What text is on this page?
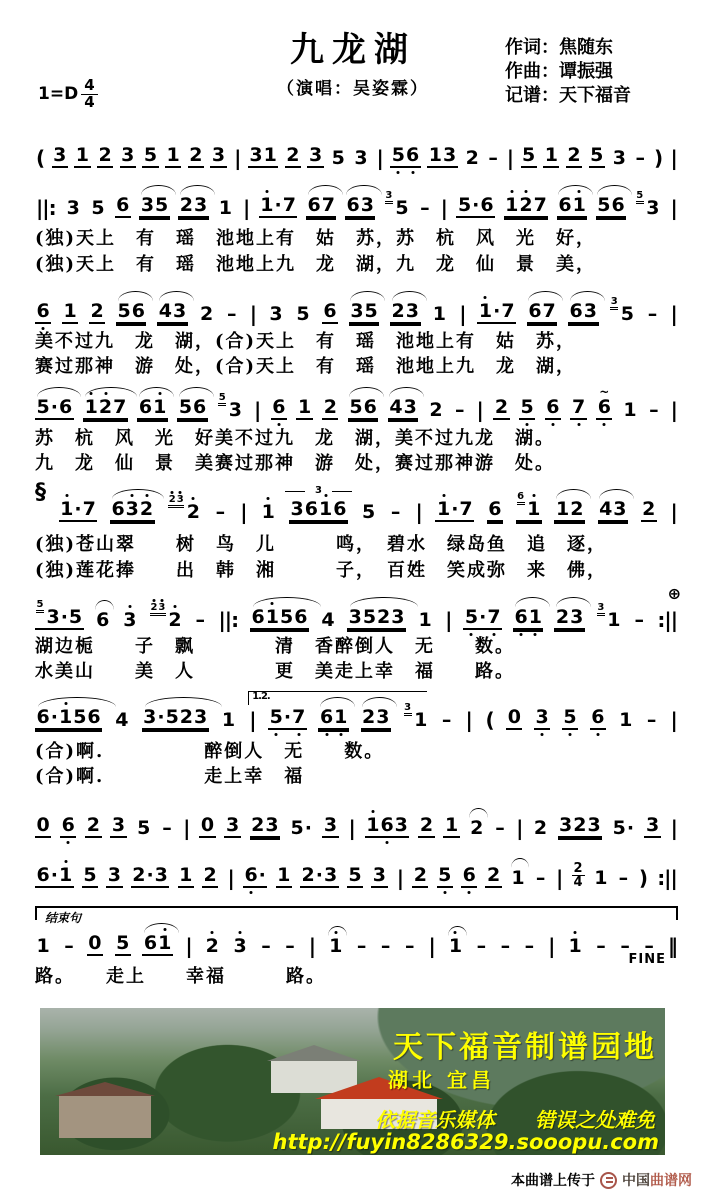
九龙湖
（演唱：吴姿霖）
作词：焦随东
作曲：谭振强
记谱：天下福音
$1=D \frac{4}{4}$
( 3 1 2 3 5 1 2 3 | 3 1 2 3 5 3 | 5 6 1 3 2 – | 5 1 2 5 3 – ) |
||: 3 5 6 3 5 2 3 1 | 1 · 7 6 7 6 3 $^3$
5 – | 5 · 6 1 2 7 6 1 5 6 $^5$
3 |
(独)天上　有　瑶　池地上有　姑　苏，苏　杭　风　光　好，
(独)天上　有　瑶　池地上九　龙　湖，九　龙　仙　景　美，
6 1 2 5 6 4 3 2 – | 3 5 6 3 5 2 3 1 | 1 · 7 6 7 6 3 $^3$
5 – |
美不过九　龙　湖，(合)天上　有　瑶　池地上有　姑　苏，
赛过那神　游　处，(合)天上　有　瑶　池地上九　龙　湖，
5 · 6 1 2 7 6 1 5 6 $^5$
3 | 6 1 2 5 6 4 3 2 – | 2 5 6 7 6
~
1 – |
苏　杭　风　光　好美不过九　龙　湖，美不过九龙　湖。
九　龙　仙　景　美赛过那神　游　处，赛过那神游　处。
§
1 · 7 6 3 2 $^{2 3}$
2 – | 1 3 6 1 6
3
5 – | 1 · 7 6
$^6$
1 1 2 4 3 2 |
(独)苍山翠　　树　鸟　儿　　　鸣，　碧水　绿岛鱼　追　逐，
(独)莲花捧　　出　韩　湘　　　子，　百姓　笑成弥　来　佛，
$^5$
3 · 5 6 3
$^{2 3}$
2 – ||: 6 1 5 6 4 3 5 2 3 1 | 5 · 7 6 1 2 3 $^3$
1 – :||
⊕
湖边栀　　子　飘　　　　清　香醉倒人　无　　数。
水美山　　美　人　　　　更　美走上幸　福　　路。
6 · 1 5 6 4 3 · 5 2 3 1 |
1.2.
5 · 7 6 1 2 3 $^3$
1 – | ( 0 3 5 6 1 – |
(合)啊.　　　　　醉倒人　无　　数。
(合)啊.　　　　　走上幸　福
0 6 2 3 5 – | 0 3 2 3 5 · 3 | 1 6 3 2 1 2 – | 2 3 2 3 5 · 3 |
6 · 1 5 3 2 · 3 1 2 | 6 · 1 2 · 3 5 3 | 2 5 6 2 1 – | 2
4 1 – ) :||
结束句
1 – 0 5 6 1 | 2 3 – – | 1 – – – | 1 – – – | 1 – – – ‖
路。　　走上　　幸福　　　路。
FINE
天下福音制谱园地
湖北 宜昌
依据音乐媒体　　错误之处难免
http://fuyin8286329.sooopu.com
本曲谱上传于 中国曲谱网
